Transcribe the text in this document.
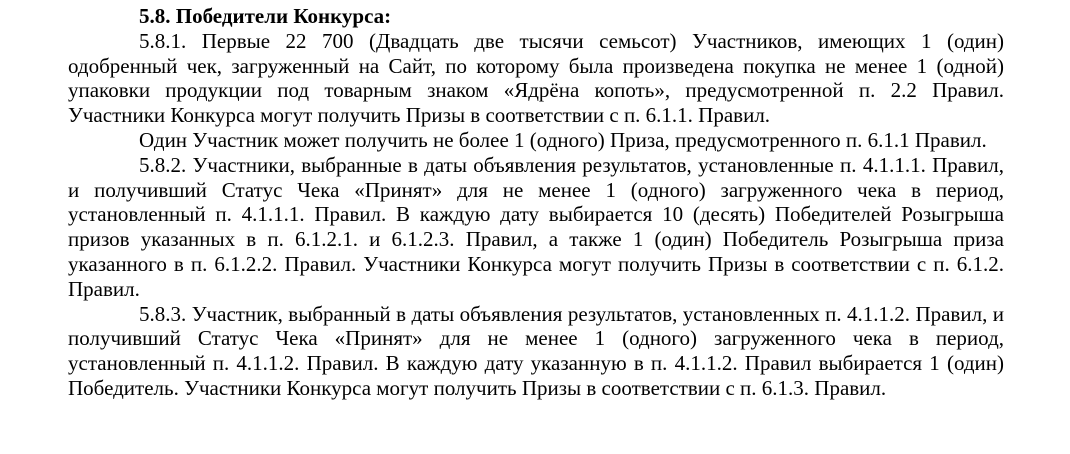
5.8. Победители Конкурса:

5.8.1. Первые 22 700 (Двадцать две тысячи семьсот) Участников, имеющих 1 (один) одобренный чек, загруженный на Сайт, по которому была произведена покупка не менее 1 (одной) упаковки продукции под товарным знаком «Ядрёна копоть», предусмотренной п. 2.2 Правил. Участники Конкурса могут получить Призы в соответствии с п. 6.1.1. Правил.

Один Участник может получить не более 1 (одного) Приза, предусмотренного п. 6.1.1 Правил.

5.8.2. Участники, выбранные в даты объявления результатов, установленные п. 4.1.1.1. Правил, и получивший Статус Чека «Принят» для не менее 1 (одного) загруженного чека в период, установленный п. 4.1.1.1. Правил. В каждую дату выбирается 10 (десять) Победителей Розыгрыша призов указанных в п. 6.1.2.1. и 6.1.2.3. Правил, а также 1 (один) Победитель Розыгрыша приза указанного в п. 6.1.2.2. Правил. Участники Конкурса могут получить Призы в соответствии с п. 6.1.2. Правил.

5.8.3. Участник, выбранный в даты объявления результатов, установленных п. 4.1.1.2. Правил, и получивший Статус Чека «Принят» для не менее 1 (одного) загруженного чека в период, установленный п. 4.1.1.2. Правил. В каждую дату указанную в п. 4.1.1.2. Правил выбирается 1 (один) Победитель. Участники Конкурса могут получить Призы в соответствии с п. 6.1.3. Правил.
